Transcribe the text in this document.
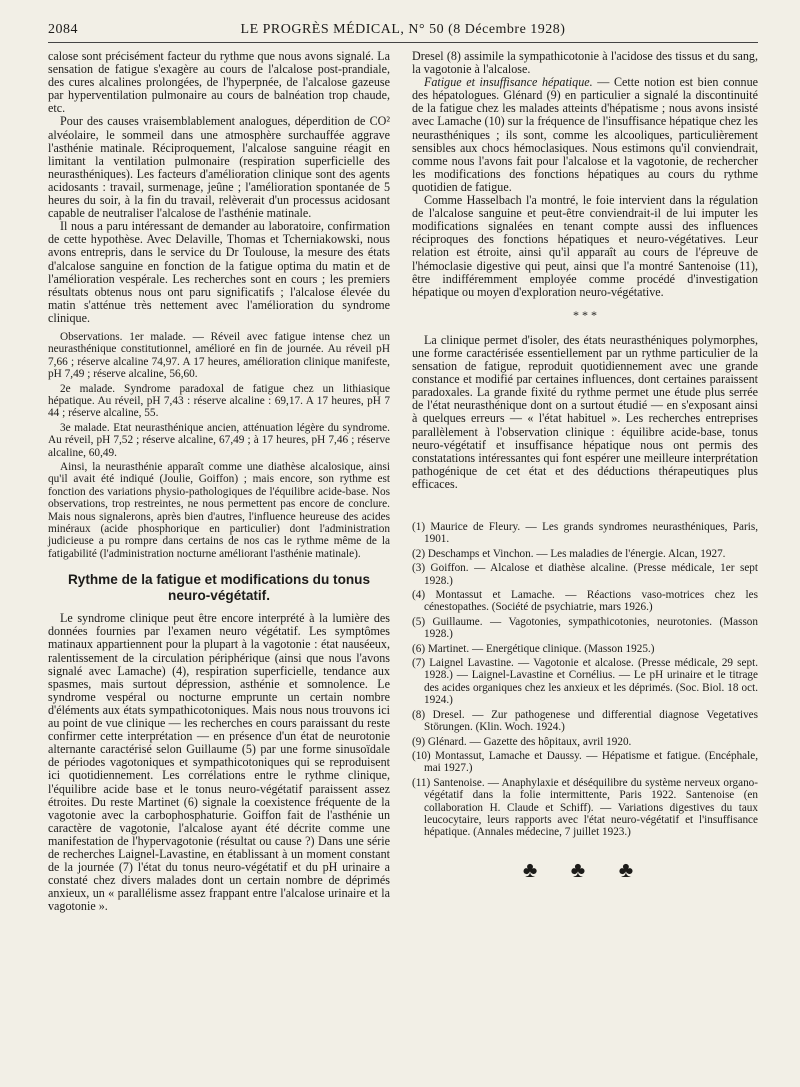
2084	LE PROGRÈS MÉDICAL, N° 50 (8 Décembre 1928)

calose sont précisément facteur du rythme que nous avons signalé. La sensation de fatigue s'exagère au cours de l'alcalose post-prandiale, des cures alcalines prolongées, de l'hyperpnée, de l'alcalose gazeuse par hyperventilation pulmonaire au cours de balnéation trop chaude, etc.

Pour des causes vraisemblablement analogues, déperdition de CO² alvéolaire, le sommeil dans une atmosphère surchauffée aggrave l'asthénie matinale. Réciproquement, l'alcalose sanguine réagit en limitant la ventilation pulmonaire (respiration superficielle des neurasthéniques). Les facteurs d'amélioration clinique sont des agents acidosants : travail, surmenage, jeûne ; l'amélioration spontanée de 5 heures du soir, à la fin du travail, relèverait d'un processus acidosant capable de neutraliser l'alcalose de l'asthénie matinale.

Il nous a paru intéressant de demander au laboratoire, confirmation de cette hypothèse. Avec Delaville, Thomas et Tcherniakowski, nous avons entrepris, dans le service du Dr Toulouse, la mesure des états d'alcalose sanguine en fonction de la fatigue optima du matin et de l'amélioration vespérale. Les recherches sont en cours ; les premiers résultats obtenus nous ont paru significatifs ; l'alcalose élevée du matin s'atténue très nettement avec l'amélioration du syndrome clinique.

Observations. 1er malade. — Réveil avec fatigue intense chez un neurasthénique constitutionnel, amélioré en fin de journée. Au réveil pH 7,66 ; réserve alcaline 74,97. A 17 heures, amélioration clinique manifeste, pH 7,49 ; réserve alcaline, 56,60.

2e malade. Syndrome paradoxal de fatigue chez un lithiasique hépatique. Au réveil, pH 7,43 : réserve alcaline : 69,17. A 17 heures, pH 7 44 ; réserve alcaline, 55.

3e malade. Etat neurasthénique ancien, atténuation légère du syndrome. Au réveil, pH 7,52 ; réserve alcaline, 67,49 ; à 17 heures, pH 7,46 ; réserve alcaline, 60,49.

Ainsi, la neurasthénie apparaît comme une diathèse alcalosique, ainsi qu'il avait été indiqué (Joulie, Goiffon) ; mais encore, son rythme est fonction des variations physio-pathologiques de l'équilibre acide-base. Nos observations, trop restreintes, ne nous permettent pas encore de conclure. Mais nous signalerons, après bien d'autres, l'influence heureuse des acides minéraux (acide phosphorique en particulier) dont l'administration judicieuse a pu rompre dans certains de nos cas le rythme même de la fatigabilité (l'administration nocturne améliorant l'asthénie matinale).

Rythme de la fatigue et modifications du tonus neuro-végétatif.

Le syndrome clinique peut être encore interprété à la lumière des données fournies par l'examen neuro végétatif. Les symptômes matinaux appartiennent pour la plupart à la vagotonie : état nauséeux, ralentissement de la circulation périphérique (ainsi que nous l'avons signalé avec Lamache) (4), respiration superficielle, tendance aux spasmes, mais surtout dépression, asthénie et somnolence. Le syndrome vespéral ou nocturne emprunte un certain nombre d'éléments aux états sympathicotoniques. Mais nous nous trouvons ici au point de vue clinique — les recherches en cours paraissant du reste confirmer cette interprétation — en présence d'un état de neurotonie alternante caractérisé selon Guillaume (5) par une forme sinusoïdale de périodes vagotoniques et sympathicotoniques qui se reproduisent ici quotidiennement. Les corrélations entre le rythme clinique, l'équilibre acide base et le tonus neuro-végétatif paraissent assez étroites. Du reste Martinet (6) signale la coexistence fréquente de la vagotonie avec la carbophosphaturie. Goiffon fait de l'asthénie un caractère de vagotonie, l'alcalose ayant été décrite comme une manifestation de l'hypervagotonie (résultat ou cause ?) Dans une série de recherches Laignel-Lavastine, en établissant à un moment constant de la journée (7) l'état du tonus neuro-végétatif et du pH urinaire a constaté chez divers malades dont un certain nombre de déprimés anxieux, un « parallélisme assez frappant entre l'alcalose urinaire et la vagotonie ».

Dresel (8) assimile la sympathicotonie à l'acidose des tissus et du sang, la vagotonie à l'alcalose.

Fatigue et insuffisance hépatique. — Cette notion est bien connue des hépatologues. Glénard (9) en particulier a signalé la discontinuité de la fatigue chez les malades atteints d'hépatisme ; nous avons insisté avec Lamache (10) sur la fréquence de l'insuffisance hépatique chez les neurasthéniques ; ils sont, comme les alcooliques, particulièrement sensibles aux chocs hémoclasiques. Nous estimons qu'il conviendrait, comme nous l'avons fait pour l'alcalose et la vagotonie, de rechercher les modifications des fonctions hépatiques au cours du rythme quotidien de fatigue.

Comme Hasselbach l'a montré, le foie intervient dans la régulation de l'alcalose sanguine et peut-être conviendrait-il de lui imputer les modifications signalées en tenant compte aussi des influences réciproques des fonctions hépatiques et neuro-végétatives. Leur relation est étroite, ainsi qu'il apparaît au cours de l'épreuve de l'hémoclasie digestive qui peut, ainsi que l'a montré Santenoise (11), être indifféremment employée comme procédé d'investigation hépatique ou moyen d'exploration neuro-végétative.

* * *

La clinique permet d'isoler, des états neurasthéniques polymorphes, une forme caractérisée essentiellement par un rythme particulier de la sensation de fatigue, reproduit quotidiennement avec une grande constance et modifié par certaines influences, dont certaines paraissent paradoxales. La grande fixité du rythme permet une étude plus serrée de l'état neurasthénique dont on a surtout étudié — en s'exposant ainsi à quelques erreurs — « l'état habituel ». Les recherches entreprises parallèlement à l'observation clinique : équilibre acide-base, tonus neuro-végétatif et insuffisance hépatique nous ont permis des constatations intéressantes qui font espérer une meilleure interprétation pathogénique de cet état et des déductions thérapeutiques plus efficaces.

(1) Maurice de Fleury. — Les grands syndromes neurasthéniques, Paris, 1901.

(2) Deschamps et Vinchon. — Les maladies de l'énergie. Alcan, 1927.

(3) Goiffon. — Alcalose et diathèse alcaline. (Presse médicale, 1er sept 1928.)

(4) Montassut et Lamache. — Réactions vaso-motrices chez les cénestopathes. (Société de psychiatrie, mars 1926.)

(5) Guillaume. — Vagotonies, sympathicotonies, neurotonies. (Masson 1928.)

(6) Martinet. — Energétique clinique. (Masson 1925.)

(7) Laignel Lavastine. — Vagotonie et alcalose. (Presse médicale, 29 sept. 1928.) — Laignel-Lavastine et Cornélius. — Le pH urinaire et le titrage des acides organiques chez les anxieux et les déprimés. (Soc. Biol. 18 oct. 1924.)

(8) Dresel. — Zur pathogenese und differential diagnose Vegetatives Störungen. (Klin. Woch. 1924.)

(9) Glénard. — Gazette des hôpitaux, avril 1920.

(10) Montassut, Lamache et Daussy. — Hépatisme et fatigue. (Encéphale, mai 1927.)

(11) Santenoise. — Anaphylaxie et déséquilibre du système nerveux organo-végétatif dans la folie intermittente, Paris 1922. Santenoise (en collaboration H. Claude et Schiff). — Variations digestives du taux leucocytaire, leurs rapports avec l'état neuro-végétatif et l'insuffisance hépatique. (Annales médecine, 7 juillet 1923.)

♣ ♣ ♣
